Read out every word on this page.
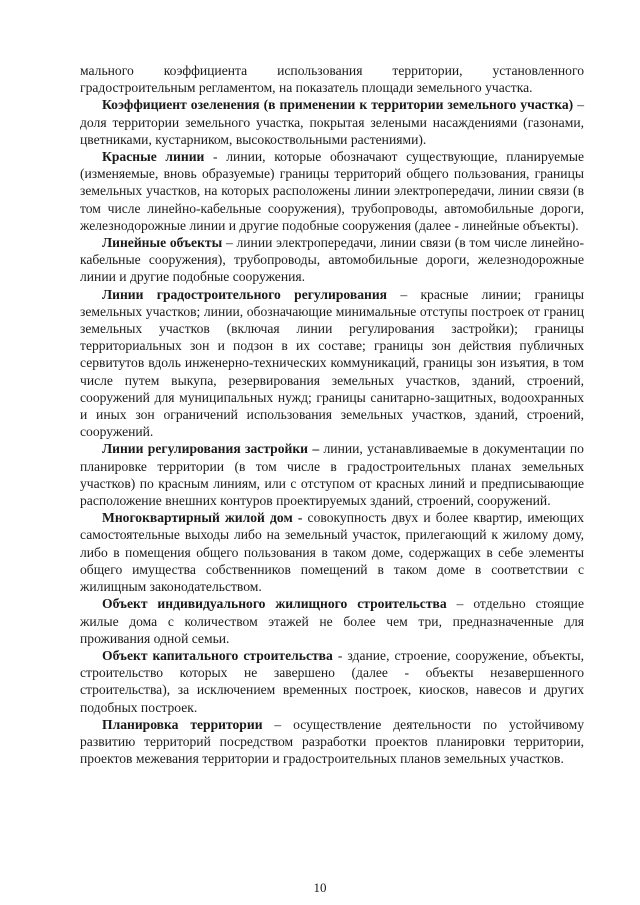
мального коэффициента использования территории, установленного градостроительным регламентом, на показатель площади земельного участка.

Коэффициент озеленения (в применении к территории земельного участка) – доля территории земельного участка, покрытая зелеными насаждениями (газонами, цветниками, кустарником, высокоствольными растениями).

Красные линии - линии, которые обозначают существующие, планируемые (изменяемые, вновь образуемые) границы территорий общего пользования, границы земельных участков, на которых расположены линии электропередачи, линии связи (в том числе линейно-кабельные сооружения), трубопроводы, автомобильные дороги, железнодорожные линии и другие подобные сооружения (далее - линейные объекты).

Линейные объекты – линии электропередачи, линии связи (в том числе линейно-кабельные сооружения), трубопроводы, автомобильные дороги, железнодорожные линии и другие подобные сооружения.

Линии градостроительного регулирования – красные линии; границы земельных участков; линии, обозначающие минимальные отступы построек от границ земельных участков (включая линии регулирования застройки); границы территориальных зон и подзон в их составе; границы зон действия публичных сервитутов вдоль инженерно-технических коммуникаций, границы зон изъятия, в том числе путем выкупа, резервирования земельных участков, зданий, строений, сооружений для муниципальных нужд; границы санитарно-защитных, водоохранных и иных зон ограничений использования земельных участков, зданий, строений, сооружений.

Линии регулирования застройки – линии, устанавливаемые в документации по планировке территории (в том числе в градостроительных планах земельных участков) по красным линиям, или с отступом от красных линий и предписывающие расположение внешних контуров проектируемых зданий, строений, сооружений.

Многоквартирный жилой дом - совокупность двух и более квартир, имеющих самостоятельные выходы либо на земельный участок, прилегающий к жилому дому, либо в помещения общего пользования в таком доме, содержащих в себе элементы общего имущества собственников помещений в таком доме в соответствии с жилищным законодательством.

Объект индивидуального жилищного строительства – отдельно стоящие жилые дома с количеством этажей не более чем три, предназначенные для проживания одной семьи.

Объект капитального строительства - здание, строение, сооружение, объекты, строительство которых не завершено (далее - объекты незавершенного строительства), за исключением временных построек, киосков, навесов и других подобных построек.

Планировка территории – осуществление деятельности по устойчивому развитию территорий посредством разработки проектов планировки территории, проектов межевания территории и градостроительных планов земельных участков.

10
